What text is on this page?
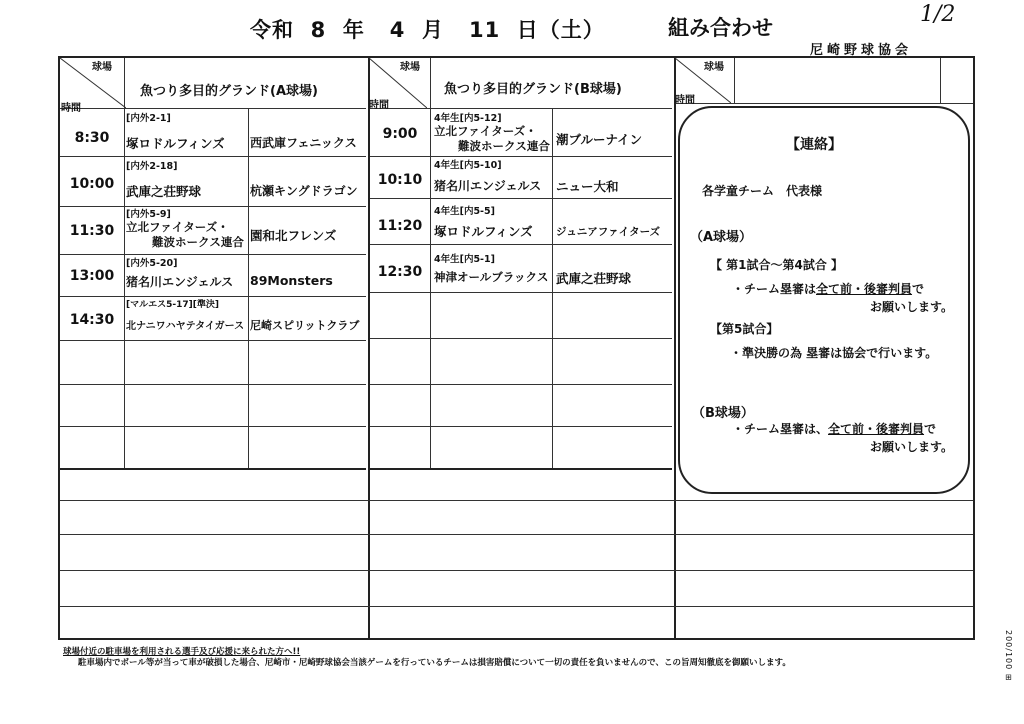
令和  8  年   4  月   11  日（土）	組み合わせ
1/2
尼崎野球協会
球場
時間
魚つり多目的グランド(A球場)
球場
時間
魚つり多目的グランド(B球場)
球場
時間
8:30
[内外2-1]
塚ロドルフィンズ 西武庫フェニックス
10:00
[内外2-18]
武庫之荘野球	杭瀬キングドラゴン
11:30
[内外5-9]
立北ファイターズ・
難波ホークス連合 園和北フレンズ
13:00
[内外5-20]
猪名川エンジェルス 89Monsters
14:30
[マルエス5-17][準決]
北ナニワハヤテタイガース 尼崎スピリットクラブ
9:00
4年生[内5-12]
立北ファイターズ・
難波ホークス連合 潮ブルーナイン
10:10
4年生[内5-10]
猪名川エンジェルス ニュー大和
11:20
4年生[内5-5]
塚ロドルフィンズ ジュニアファイターズ
12:30
4年生[内5-1]
神津オールブラックス 武庫之荘野球
【連絡】
各学童チーム　代表様
（A球場）
【 第1試合～第4試合 】
・チーム塁審は全て前・後審判員で
お願いします。
【第5試合】
・準決勝の為 塁審は協会で行います。
（B球場）
・チーム塁審は、全て前・後審判員で
お願いします。
球場付近の駐車場を利用される選手及び応援に来られた方へ!!
駐車場内でボール等が当って車が破損した場合、尼崎市・尼崎野球協会当該ゲームを行っているチームは損害賠償について一切の責任を負いませんので、この旨周知徹底を御願いします。	200/100 ⊞
